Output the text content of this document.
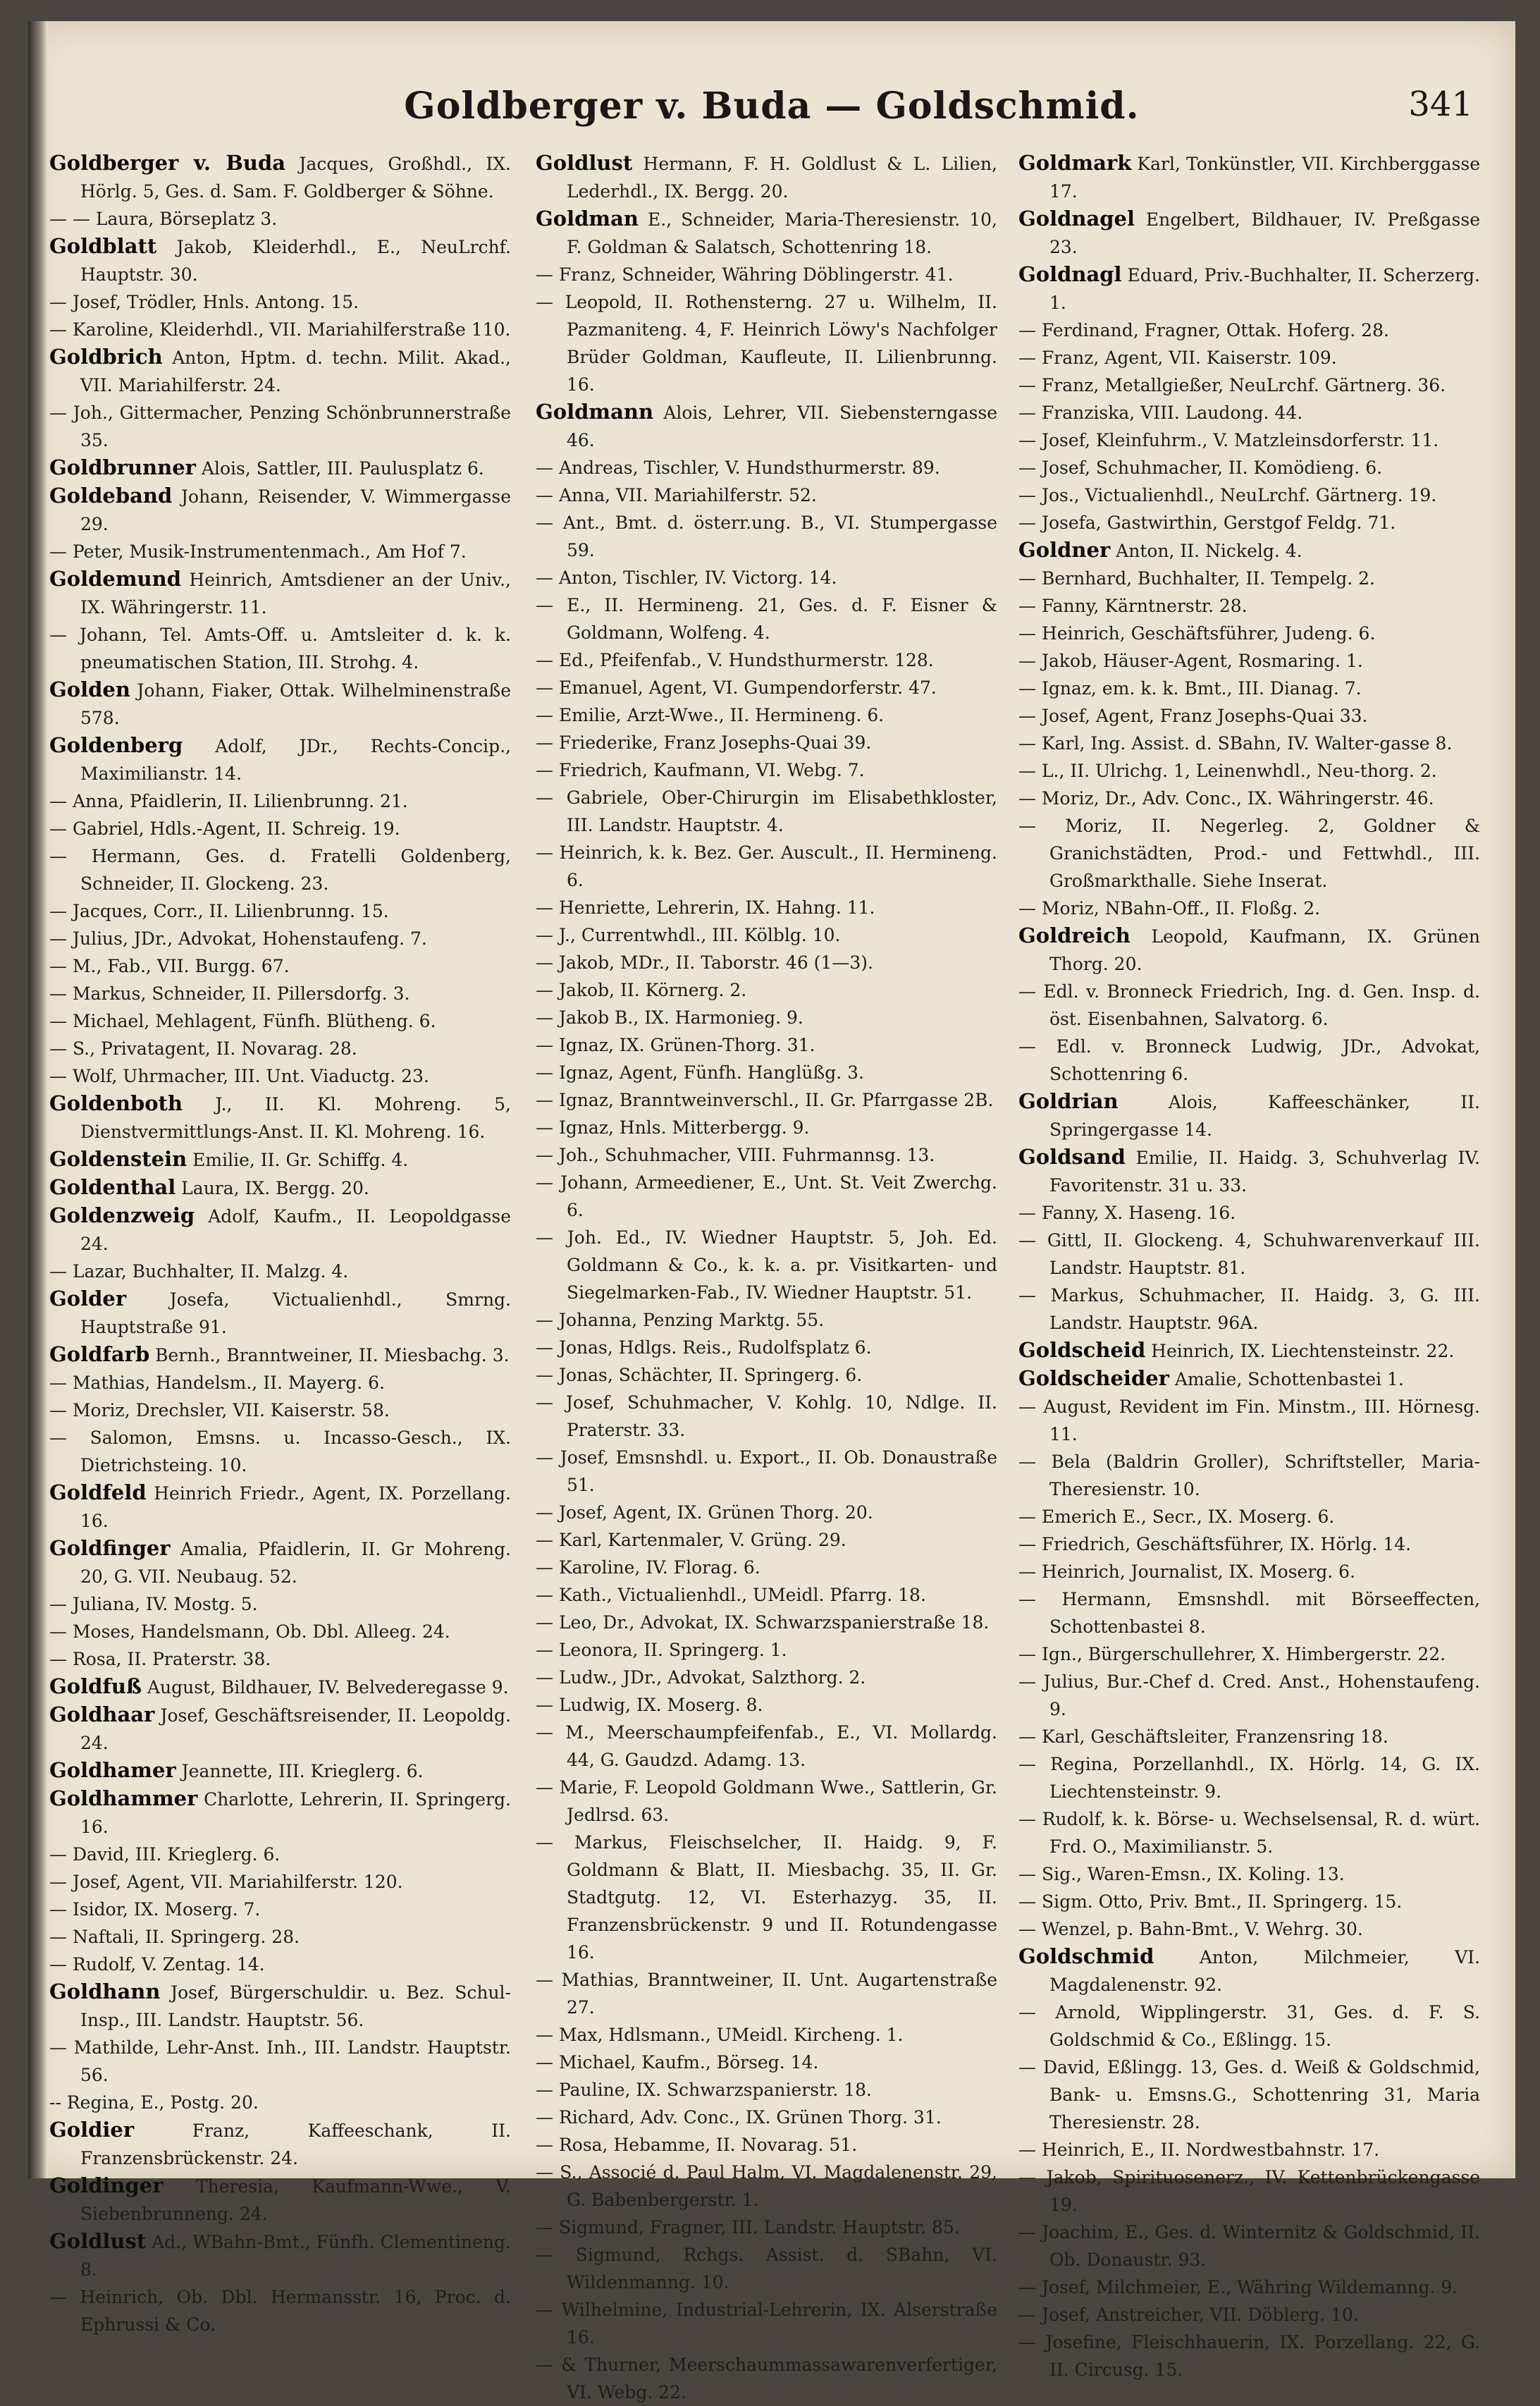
Goldberger v. Buda — Goldschmid.	341

Goldberger v. Buda Jacques, Großhdl., IX. Hörlg. 5, Ges. d. Sam. F. Goldberger & Söhne.

— — Laura, Börseplatz 3.

Goldblatt Jakob, Kleiderhdl., E., NeuLrchf. Hauptstr. 30.

— Josef, Trödler, Hnls. Antong. 15.

— Karoline, Kleiderhdl., VII. Mariahilferstraße 110.

Goldbrich Anton, Hptm. d. techn. Milit. Akad., VII. Mariahilferstr. 24.

— Joh., Gittermacher, Penzing Schönbrunnerstraße 35.

Goldbrunner Alois, Sattler, III. Paulusplatz 6.

Goldeband Johann, Reisender, V. Wimmergasse 29.

— Peter, Musik-Instrumentenmach., Am Hof 7.

Goldemund Heinrich, Amtsdiener an der Univ., IX. Währingerstr. 11.

— Johann, Tel. Amts-Off. u. Amtsleiter d. k. k. pneumatischen Station, III. Strohg. 4.

Golden Johann, Fiaker, Ottak. Wilhelminenstraße 578.

Goldenberg Adolf, JDr., Rechts-Concip., Maximilianstr. 14.

— Anna, Pfaidlerin, II. Lilienbrunng. 21.

— Gabriel, Hdls.-Agent, II. Schreig. 19.

— Hermann, Ges. d. Fratelli Goldenberg, Schneider, II. Glockeng. 23.

— Jacques, Corr., II. Lilienbrunng. 15.

— Julius, JDr., Advokat, Hohenstaufeng. 7.

— M., Fab., VII. Burgg. 67.

— Markus, Schneider, II. Pillersdorfg. 3.

— Michael, Mehlagent, Fünfh. Blütheng. 6.

— S., Privatagent, II. Novarag. 28.

— Wolf, Uhrmacher, III. Unt. Viaductg. 23.

Goldenboth J., II. Kl. Mohreng. 5, Dienstvermittlungs-Anst. II. Kl. Mohreng. 16.

Goldenstein Emilie, II. Gr. Schiffg. 4.

Goldenthal Laura, IX. Bergg. 20.

Goldenzweig Adolf, Kaufm., II. Leopoldgasse 24.

— Lazar, Buchhalter, II. Malzg. 4.

Golder Josefa, Victualienhdl., Smrng. Hauptstraße 91.

Goldfarb Bernh., Branntweiner, II. Miesbachg. 3.

— Mathias, Handelsm., II. Mayerg. 6.

— Moriz, Drechsler, VII. Kaiserstr. 58.

— Salomon, Emsns. u. Incasso-Gesch., IX. Dietrichsteing. 10.

Goldfeld Heinrich Friedr., Agent, IX. Porzellang. 16.

Goldfinger Amalia, Pfaidlerin, II. Gr Mohreng. 20, G. VII. Neubaug. 52.

— Juliana, IV. Mostg. 5.

— Moses, Handelsmann, Ob. Dbl. Alleeg. 24.

— Rosa, II. Praterstr. 38.

Goldfuß August, Bildhauer, IV. Belvederegasse 9.

Goldhaar Josef, Geschäftsreisender, II. Leopoldg. 24.

Goldhamer Jeannette, III. Krieglerg. 6.

Goldhammer Charlotte, Lehrerin, II. Springerg. 16.

— David, III. Krieglerg. 6.

— Josef, Agent, VII. Mariahilferstr. 120.

— Isidor, IX. Moserg. 7.

— Naftali, II. Springerg. 28.

— Rudolf, V. Zentag. 14.

Goldhann Josef, Bürgerschuldir. u. Bez. Schul-Insp., III. Landstr. Hauptstr. 56.

— Mathilde, Lehr-Anst. Inh., III. Landstr. Hauptstr. 56.

-- Regina, E., Postg. 20.

Goldier Franz, Kaffeeschank, II. Franzensbrückenstr. 24.

Goldinger Theresia, Kaufmann-Wwe., V. Siebenbrunneng. 24.

Goldlust Ad., WBahn-Bmt., Fünfh. Clementineng. 8.

— Heinrich, Ob. Dbl. Hermansstr. 16, Proc. d. Ephrussi & Co.

Goldlust Hermann, F. H. Goldlust & L. Lilien, Lederhdl., IX. Bergg. 20.

Goldman E., Schneider, Maria-Theresienstr. 10, F. Goldman & Salatsch, Schottenring 18.

— Franz, Schneider, Währing Döblingerstr. 41.

— Leopold, II. Rothensterng. 27 u. Wilhelm, II. Pazmaniteng. 4, F. Heinrich Löwy's Nachfolger Brüder Goldman, Kaufleute, II. Lilienbrunng. 16.

Goldmann Alois, Lehrer, VII. Siebensterngasse 46.

— Andreas, Tischler, V. Hundsthurmerstr. 89.

— Anna, VII. Mariahilferstr. 52.

— Ant., Bmt. d. österr.ung. B., VI. Stumpergasse 59.

— Anton, Tischler, IV. Victorg. 14.

— E., II. Hermineng. 21, Ges. d. F. Eisner & Goldmann, Wolfeng. 4.

— Ed., Pfeifenfab., V. Hundsthurmerstr. 128.

— Emanuel, Agent, VI. Gumpendorferstr. 47.

— Emilie, Arzt-Wwe., II. Hermineng. 6.

— Friederike, Franz Josephs-Quai 39.

— Friedrich, Kaufmann, VI. Webg. 7.

— Gabriele, Ober-Chirurgin im Elisabethkloster, III. Landstr. Hauptstr. 4.

— Heinrich, k. k. Bez. Ger. Auscult., II. Hermineng. 6.

— Henriette, Lehrerin, IX. Hahng. 11.

— J., Currentwhdl., III. Kölblg. 10.

— Jakob, MDr., II. Taborstr. 46 (1—3).

— Jakob, II. Körnerg. 2.

— Jakob B., IX. Harmonieg. 9.

— Ignaz, IX. Grünen-Thorg. 31.

— Ignaz, Agent, Fünfh. Hanglüßg. 3.

— Ignaz, Branntweinverschl., II. Gr. Pfarrgasse 2B.

— Ignaz, Hnls. Mitterbergg. 9.

— Joh., Schuhmacher, VIII. Fuhrmannsg. 13.

— Johann, Armeediener, E., Unt. St. Veit Zwerchg. 6.

— Joh. Ed., IV. Wiedner Hauptstr. 5, Joh. Ed. Goldmann & Co., k. k. a. pr. Visitkarten- und Siegelmarken-Fab., IV. Wiedner Hauptstr. 51.

— Johanna, Penzing Marktg. 55.

— Jonas, Hdlgs. Reis., Rudolfsplatz 6.

— Jonas, Schächter, II. Springerg. 6.

— Josef, Schuhmacher, V. Kohlg. 10, Ndlge. II. Praterstr. 33.

— Josef, Emsnshdl. u. Export., II. Ob. Donaustraße 51.

— Josef, Agent, IX. Grünen Thorg. 20.

— Karl, Kartenmaler, V. Grüng. 29.

— Karoline, IV. Florag. 6.

— Kath., Victualienhdl., UMeidl. Pfarrg. 18.

— Leo, Dr., Advokat, IX. Schwarzspanierstraße 18.

— Leonora, II. Springerg. 1.

— Ludw., JDr., Advokat, Salzthorg. 2.

— Ludwig, IX. Moserg. 8.

— M., Meerschaumpfeifenfab., E., VI. Mollardg. 44, G. Gaudzd. Adamg. 13.

— Marie, F. Leopold Goldmann Wwe., Sattlerin, Gr. Jedlrsd. 63.

— Markus, Fleischselcher, II. Haidg. 9, F. Goldmann & Blatt, II. Miesbachg. 35, II. Gr. Stadtgutg. 12, VI. Esterhazyg. 35, II. Franzensbrückenstr. 9 und II. Rotundengasse 16.

— Mathias, Branntweiner, II. Unt. Augartenstraße 27.

— Max, Hdlsmann., UMeidl. Kircheng. 1.

— Michael, Kaufm., Börseg. 14.

— Pauline, IX. Schwarzspanierstr. 18.

— Richard, Adv. Conc., IX. Grünen Thorg. 31.

— Rosa, Hebamme, II. Novarag. 51.

— S., Associé d. Paul Halm, VI. Magdalenenstr. 29, G. Babenbergerstr. 1.

— Sigmund, Fragner, III. Landstr. Hauptstr. 85.

— Sigmund, Rchgs. Assist. d. SBahn, VI. Wildenmanng. 10.

— Wilhelmine, Industrial-Lehrerin, IX. Alserstraße 16.

— & Thurner, Meerschaummassawarenverfertiger, VI. Webg. 22.

Goldmark Karl, Tonkünstler, VII. Kirchberggasse 17.

Goldnagel Engelbert, Bildhauer, IV. Preßgasse 23.

Goldnagl Eduard, Priv.-Buchhalter, II. Scherzerg. 1.

— Ferdinand, Fragner, Ottak. Hoferg. 28.

— Franz, Agent, VII. Kaiserstr. 109.

— Franz, Metallgießer, NeuLrchf. Gärtnerg. 36.

— Franziska, VIII. Laudong. 44.

— Josef, Kleinfuhrm., V. Matzleinsdorferstr. 11.

— Josef, Schuhmacher, II. Komödieng. 6.

— Jos., Victualienhdl., NeuLrchf. Gärtnerg. 19.

— Josefa, Gastwirthin, Gerstgof Feldg. 71.

Goldner Anton, II. Nickelg. 4.

— Bernhard, Buchhalter, II. Tempelg. 2.

— Fanny, Kärntnerstr. 28.

— Heinrich, Geschäftsführer, Judeng. 6.

— Jakob, Häuser-Agent, Rosmaring. 1.

— Ignaz, em. k. k. Bmt., III. Dianag. 7.

— Josef, Agent, Franz Josephs-Quai 33.

— Karl, Ing. Assist. d. SBahn, IV. Walter-gasse 8.

— L., II. Ulrichg. 1, Leinenwhdl., Neu-thorg. 2.

— Moriz, Dr., Adv. Conc., IX. Währingerstr. 46.

— Moriz, II. Negerleg. 2, Goldner & Granichstädten, Prod.- und Fettwhdl., III. Großmarkthalle. Siehe Inserat.

— Moriz, NBahn-Off., II. Floßg. 2.

Goldreich Leopold, Kaufmann, IX. Grünen Thorg. 20.

— Edl. v. Bronneck Friedrich, Ing. d. Gen. Insp. d. öst. Eisenbahnen, Salvatorg. 6.

— Edl. v. Bronneck Ludwig, JDr., Advokat, Schottenring 6.

Goldrian Alois, Kaffeeschänker, II. Springergasse 14.

Goldsand Emilie, II. Haidg. 3, Schuhverlag IV. Favoritenstr. 31 u. 33.

— Fanny, X. Haseng. 16.

— Gittl, II. Glockeng. 4, Schuhwarenverkauf III. Landstr. Hauptstr. 81.

— Markus, Schuhmacher, II. Haidg. 3, G. III. Landstr. Hauptstr. 96A.

Goldscheid Heinrich, IX. Liechtensteinstr. 22.

Goldscheider Amalie, Schottenbastei 1.

— August, Revident im Fin. Minstm., III. Hörnesg. 11.

— Bela (Baldrin Groller), Schriftsteller, Maria-Theresienstr. 10.

— Emerich E., Secr., IX. Moserg. 6.

— Friedrich, Geschäftsführer, IX. Hörlg. 14.

— Heinrich, Journalist, IX. Moserg. 6.

— Hermann, Emsnshdl. mit Börseeffecten, Schottenbastei 8.

— Ign., Bürgerschullehrer, X. Himbergerstr. 22.

— Julius, Bur.-Chef d. Cred. Anst., Hohenstaufeng. 9.

— Karl, Geschäftsleiter, Franzensring 18.

— Regina, Porzellanhdl., IX. Hörlg. 14, G. IX. Liechtensteinstr. 9.

— Rudolf, k. k. Börse- u. Wechselsensal, R. d. würt. Frd. O., Maximilianstr. 5.

— Sig., Waren-Emsn., IX. Koling. 13.

— Sigm. Otto, Priv. Bmt., II. Springerg. 15.

— Wenzel, p. Bahn-Bmt., V. Wehrg. 30.

Goldschmid Anton, Milchmeier, VI. Magdalenenstr. 92.

— Arnold, Wipplingerstr. 31, Ges. d. F. S. Goldschmid & Co., Eßlingg. 15.

— David, Eßlingg. 13, Ges. d. Weiß & Goldschmid, Bank- u. Emsns.G., Schottenring 31, Maria Theresienstr. 28.

— Heinrich, E., II. Nordwestbahnstr. 17.

— Jakob, Spirituosenerz., IV. Kettenbrückengasse 19.

— Joachim, E., Ges. d. Winternitz & Goldschmid, II. Ob. Donaustr. 93.

— Josef, Milchmeier, E., Währing Wildemanng. 9.

— Josef, Anstreicher, VII. Döblerg. 10.

— Josefine, Fleischhauerin, IX. Porzellang. 22, G. II. Circusg. 15.
